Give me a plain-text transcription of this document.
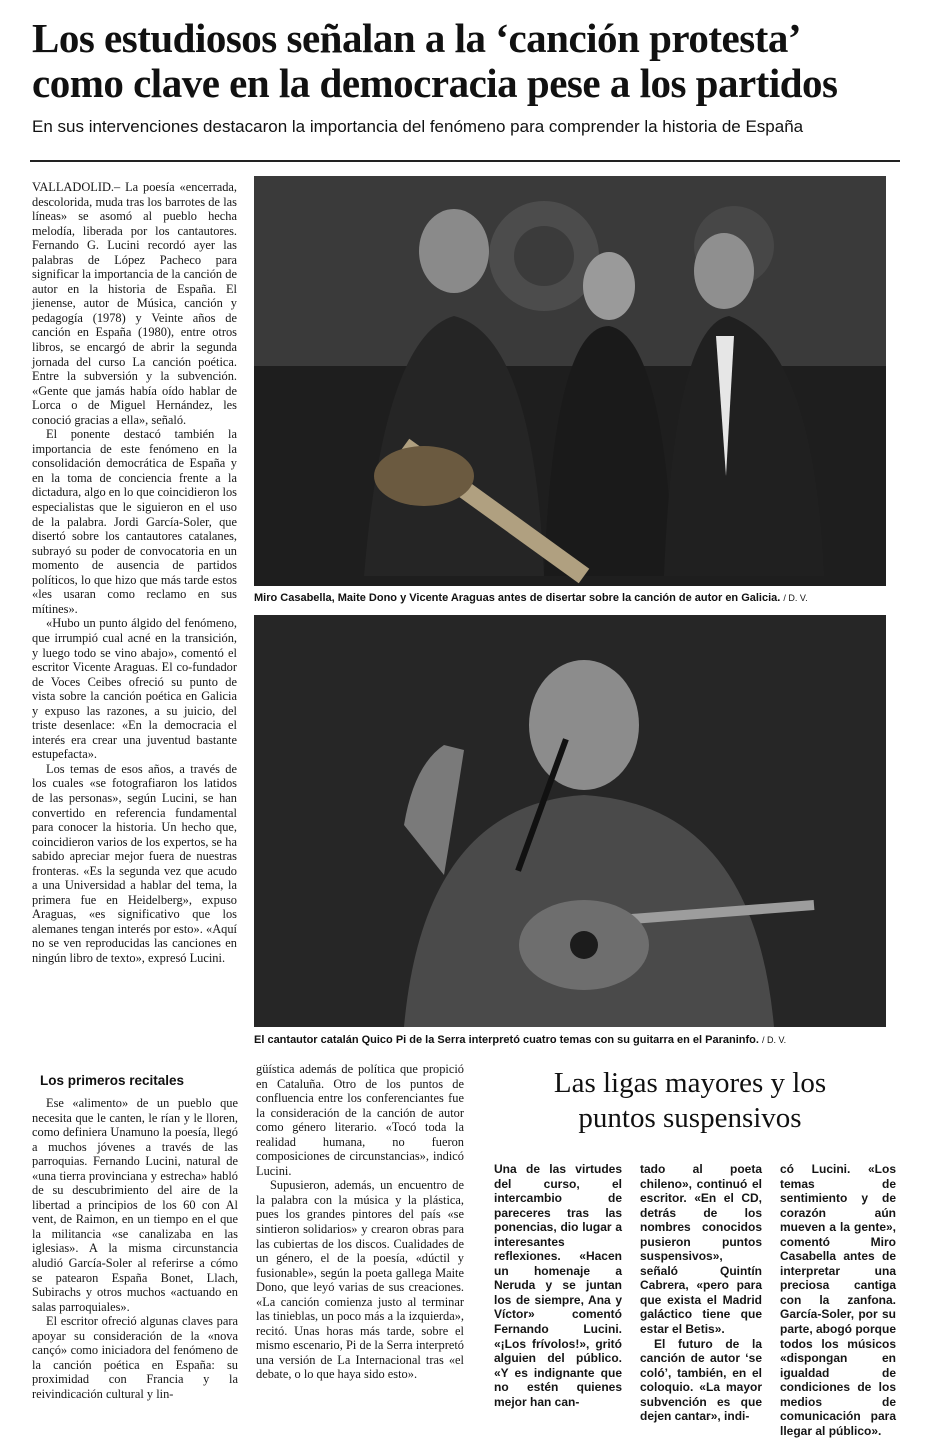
Los estudiosos señalan a la ‘canción protesta’
como clave en la democracia pese a los partidos
En sus intervenciones destacaron la importancia del fenómeno para comprender la historia de España

VALLADOLID.– La poesía «encerrada, descolorida, muda tras los barrotes de las líneas» se asomó al pueblo hecha melodía, liberada por los cantautores. Fernando G. Lucini recordó ayer las palabras de López Pacheco para significar la importancia de la canción de autor en la historia de España. El jienense, autor de Música, canción y pedagogía (1978) y Veinte años de canción en España (1980), entre otros libros, se encargó de abrir la segunda jornada del curso La canción poética. Entre la subversión y la subvención. «Gente que jamás había oído hablar de Lorca o de Miguel Hernández, les conoció gracias a ella», señaló.

El ponente destacó también la importancia de este fenómeno en la consolidación democrática de España y en la toma de conciencia frente a la dictadura, algo en lo que coincidieron los especialistas que le siguieron en el uso de la palabra. Jordi García-Soler, que disertó sobre los cantautores catalanes, subrayó su poder de convocatoria en un momento de ausencia de partidos políticos, lo que hizo que más tarde estos «les usaran como reclamo en sus mítines».

«Hubo un punto álgido del fenómeno, que irrumpió cual acné en la transición, y luego todo se vino abajo», comentó el escritor Vicente Araguas. El co-fundador de Voces Ceibes ofreció su punto de vista sobre la canción poética en Galicia y expuso las razones, a su juicio, del triste desenlace: «En la democracia el interés era crear una juventud bastante estupefacta».

Los temas de esos años, a través de los cuales «se fotografiaron los latidos de las personas», según Lucini, se han convertido en referencia fundamental para conocer la historia. Un hecho que, coincidieron varios de los expertos, se ha sabido apreciar mejor fuera de nuestras fronteras. «Es la segunda vez que acudo a una Universidad a hablar del tema, la primera fue en Heidelberg», expuso Araguas, «es significativo que los alemanes tengan interés por esto». «Aquí no se ven reproducidas las canciones en ningún libro de texto», expresó Lucini.

Miro Casabella, Maite Dono y Vicente Araguas antes de disertar sobre la canción de autor en Galicia. / D. V.
El cantautor catalán Quico Pi de la Serra interpretó cuatro temas con su guitarra en el Paraninfo. / D. V.
Los primeros recitales

Ese «alimento» de un pueblo que necesita que le canten, le rían y le lloren, como definiera Unamuno la poesía, llegó a muchos jóvenes a través de las parroquias. Fernando Lucini, natural de «una tierra provinciana y estrecha» habló de su descubrimiento del aire de la libertad a principios de los 60 con Al vent, de Raimon, en un tiempo en el que la militancia «se canalizaba en las iglesias». A la misma circunstancia aludió García-Soler al referirse a cómo se patearon España Bonet, Llach, Subirachs y otros muchos «actuando en salas parroquiales».

El escritor ofreció algunas claves para apoyar su consideración de la «nova cançó» como iniciadora del fenómeno de la canción poética en España: su proximidad con Francia y la reivindicación cultural y lin-

güística además de política que propició en Cataluña. Otro de los puntos de confluencia entre los conferenciantes fue la consideración de la canción de autor como género literario. «Tocó toda la realidad humana, no fueron composiciones de circunstancias», indicó Lucini.

Supusieron, además, un encuentro de la palabra con la música y la plástica, pues los grandes pintores del país «se sintieron solidarios» y crearon obras para las cubiertas de los discos. Cualidades de un género, el de la poesía, «dúctil y fusionable», según la poeta gallega Maite Dono, que leyó varias de sus creaciones. «La canción comienza justo al terminar las tinieblas, un poco más a la izquierda», recitó. Unas horas más tarde, sobre el mismo escenario, Pi de la Serra interpretó una versión de La Internacional tras «el debate, o lo que haya sido esto».

Las ligas mayores y los
puntos suspensivos

Una de las virtudes del curso, el intercambio de pareceres tras las ponencias, dio lugar a interesantes reflexiones. «Hacen un homenaje a Neruda y se juntan los de siempre, Ana y Víctor» comentó Fernando Lucini. «¡Los frívolos!», gritó alguien del público. «Y es indignante que no estén quienes mejor han can-

tado al poeta chileno», continuó el escritor. «En el CD, detrás de los nombres conocidos pusieron puntos suspensivos», señaló Quintín Cabrera, «pero para que exista el Madrid galáctico tiene que estar el Betis».

El futuro de la canción de autor ‘se coló’, también, en el coloquio. «La mayor subvención es que dejen cantar», indi-

có Lucini. «Los temas de sentimiento y de corazón aún mueven a la gente», comentó Miro Casabella antes de interpretar una preciosa cantiga con la zanfona. García-Soler, por su parte, abogó porque todos los músicos «dispongan en igualdad de condiciones de los medios de comunicación para llegar al público».
